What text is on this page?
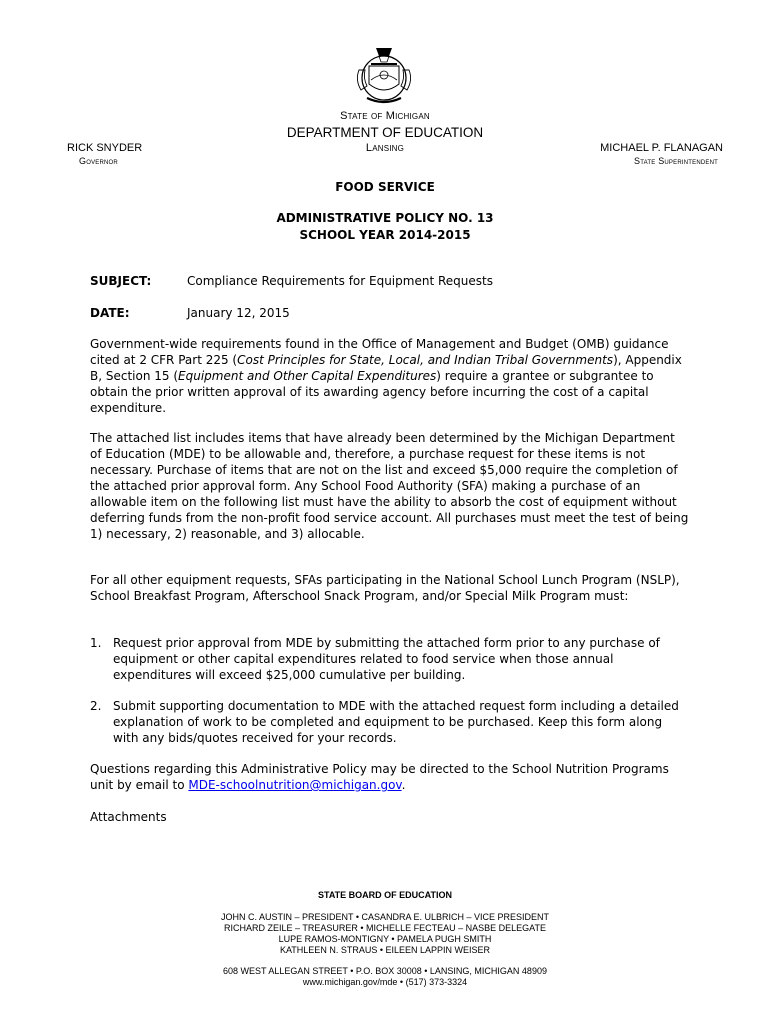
State of Michigan
DEPARTMENT OF EDUCATION
Lansing
RICK SNYDER
Governor
MICHAEL P. FLANAGAN
State Superintendent
FOOD SERVICE
ADMINISTRATIVE POLICY NO. 13
SCHOOL YEAR 2014-2015
SUBJECT:	Compliance Requirements for Equipment Requests
DATE:	January 12, 2015

Government-wide requirements found in the Office of Management and Budget (OMB) guidance cited at 2 CFR Part 225 (Cost Principles for State, Local, and Indian Tribal Governments), Appendix B, Section 15 (Equipment and Other Capital Expenditures) require a grantee or subgrantee to obtain the prior written approval of its awarding agency before incurring the cost of a capital expenditure.

The attached list includes items that have already been determined by the Michigan Department of Education (MDE) to be allowable and, therefore, a purchase request for these items is not necessary. Purchase of items that are not on the list and exceed $5,000 require the completion of the attached prior approval form. Any School Food Authority (SFA) making a purchase of an allowable item on the following list must have the ability to absorb the cost of equipment without deferring funds from the non-profit food service account. All purchases must meet the test of being 1) necessary, 2) reasonable, and 3) allocable.

For all other equipment requests, SFAs participating in the National School Lunch Program (NSLP), School Breakfast Program, Afterschool Snack Program, and/or Special Milk Program must:

1. Request prior approval from MDE by submitting the attached form prior to any purchase of equipment or other capital expenditures related to food service when those annual expenditures will exceed $25,000 cumulative per building.
2. Submit supporting documentation to MDE with the attached request form including a detailed explanation of work to be completed and equipment to be purchased. Keep this form along with any bids/quotes received for your records.

Questions regarding this Administrative Policy may be directed to the School Nutrition Programs unit by email to MDE-schoolnutrition@michigan.gov.

Attachments
STATE BOARD OF EDUCATION
JOHN C. AUSTIN – PRESIDENT • CASANDRA E. ULBRICH – VICE PRESIDENT
RICHARD ZEILE – TREASURER • MICHELLE FECTEAU – NASBE DELEGATE
LUPE RAMOS-MONTIGNY • PAMELA PUGH SMITH
KATHLEEN N. STRAUS • EILEEN LAPPIN WEISER
608 WEST ALLEGAN STREET • P.O. BOX 30008 • LANSING, MICHIGAN 48909
www.michigan.gov/mde • (517) 373-3324
